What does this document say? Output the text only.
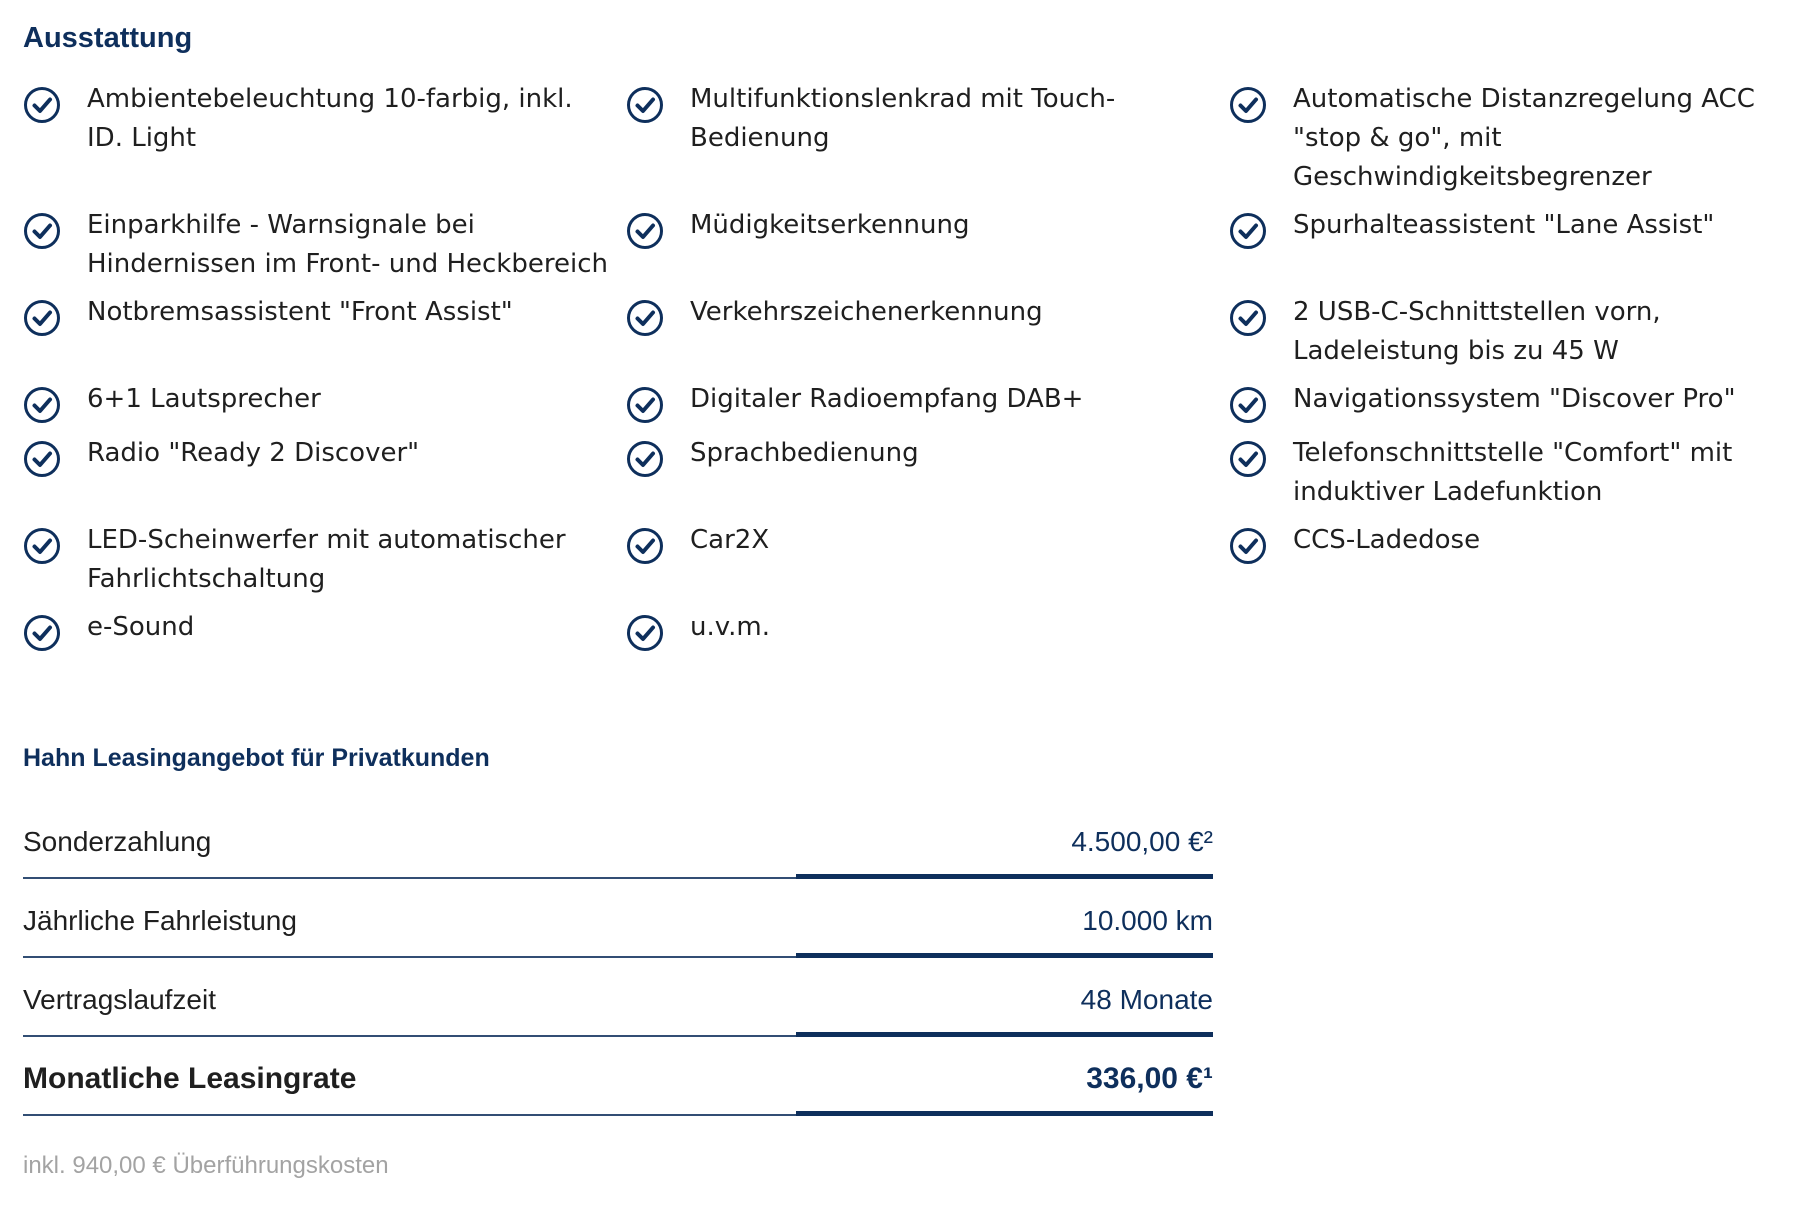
Ausstattung
Ambientebeleuchtung 10-farbig, inkl. ID. Light
Multifunktionslenkrad mit Touch-Bedienung
Automatische Distanzregelung ACC "stop & go", mit Geschwindigkeitsbegrenzer
Einparkhilfe - Warnsignale bei Hindernissen im Front- und Heckbereich
Müdigkeitserkennung	Spurhalteassistent "Lane Assist"
Notbremsassistent "Front Assist"	Verkehrszeichenerkennung	2 USB-C-Schnittstellen vorn, Ladeleistung bis zu 45 W
6+1 Lautsprecher	Digitaler Radioempfang DAB+	Navigationssystem "Discover Pro"
Radio "Ready 2 Discover"	Sprachbedienung	Telefonschnittstelle "Comfort" mit induktiver Ladefunktion
LED-Scheinwerfer mit automatischer Fahrlichtschaltung
Car2X	CCS-Ladedose
e-Sound	u.v.m.
Hahn Leasingangebot für Privatkunden
Sonderzahlung	4.500,00 €²
Jährliche Fahrleistung	10.000 km
Vertragslaufzeit	48 Monate
Monatliche Leasingrate	336,00 €¹
inkl. 940,00 € Überführungskosten
